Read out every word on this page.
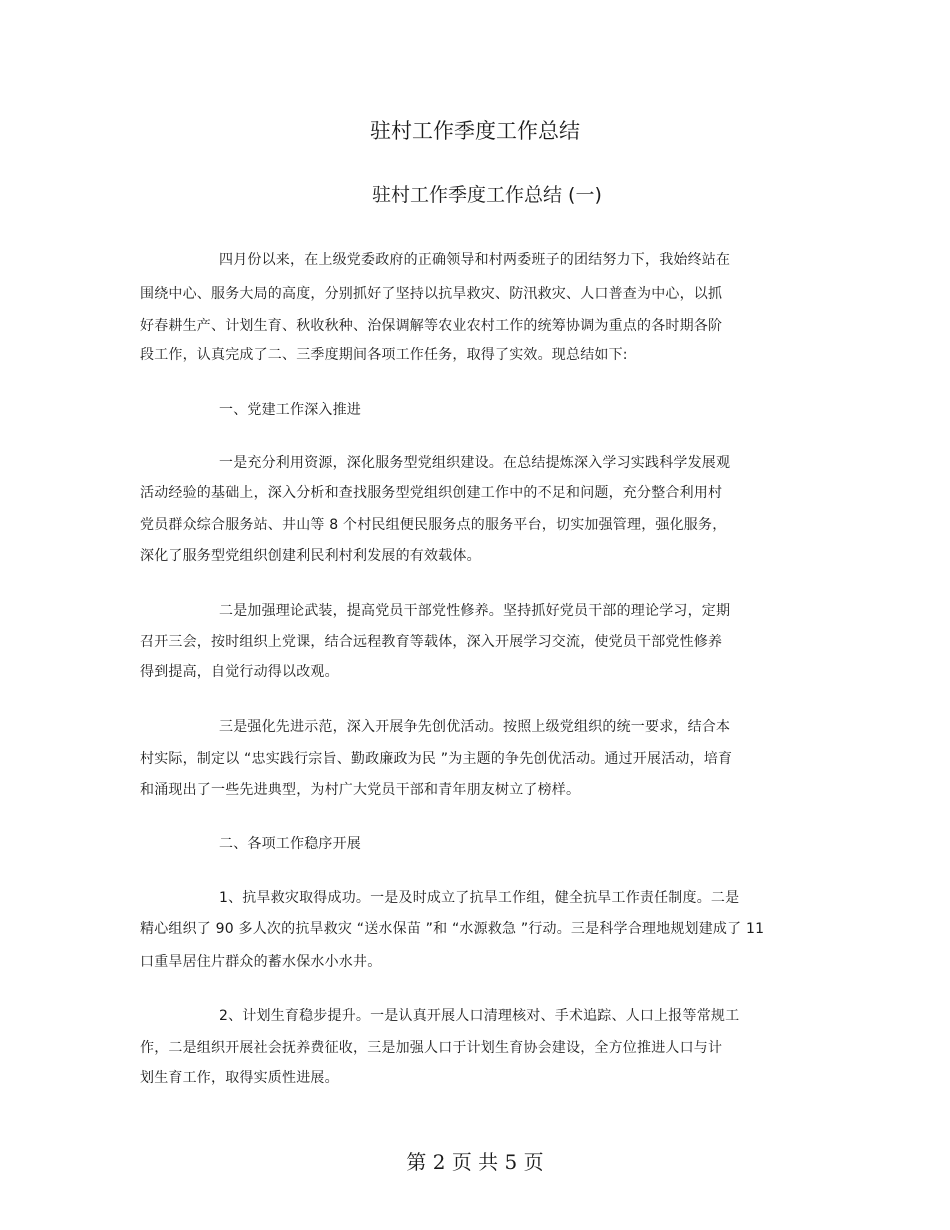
驻村工作季度工作总结
驻村工作季度工作总结 (一)
四月份以来，在上级党委政府的正确领导和村两委班子的团结努力下，我始终站在
围绕中心、服务大局的高度，分别抓好了坚持以抗旱救灾、防汛救灾、人口普查为中心，以抓
好春耕生产、计划生育、秋收秋种、治保调解等农业农村工作的统筹协调为重点的各时期各阶
段工作，认真完成了二、三季度期间各项工作任务，取得了实效。现总结如下:
一、党建工作深入推进
一是充分利用资源，深化服务型党组织建设。在总结提炼深入学习实践科学发展观
活动经验的基础上，深入分析和查找服务型党组织创建工作中的不足和问题，充分整合利用村
党员群众综合服务站、井山等 8 个村民组便民服务点的服务平台，切实加强管理，强化服务，
深化了服务型党组织创建利民利村利发展的有效载体。
二是加强理论武装，提高党员干部党性修养。坚持抓好党员干部的理论学习，定期
召开三会，按时组织上党课，结合远程教育等载体，深入开展学习交流，使党员干部党性修养
得到提高，自觉行动得以改观。
三是强化先进示范，深入开展争先创优活动。按照上级党组织的统一要求，结合本
村实际，制定以 “忠实践行宗旨、勤政廉政为民 ”为主题的争先创优活动。通过开展活动，培育
和涌现出了一些先进典型，为村广大党员干部和青年朋友树立了榜样。
二、各项工作稳序开展
1、抗旱救灾取得成功。一是及时成立了抗旱工作组，健全抗旱工作责任制度。二是
精心组织了 90 多人次的抗旱救灾 “送水保苗 ”和 “水源救急 ”行动。三是科学合理地规划建成了 11
口重旱居住片群众的蓄水保水小水井。
2、计划生育稳步提升。一是认真开展人口清理核对、手术追踪、人口上报等常规工
作，二是组织开展社会抚养费征收，三是加强人口于计划生育协会建设，全方位推进人口与计
划生育工作，取得实质性进展。
第 2 页 共 5 页
